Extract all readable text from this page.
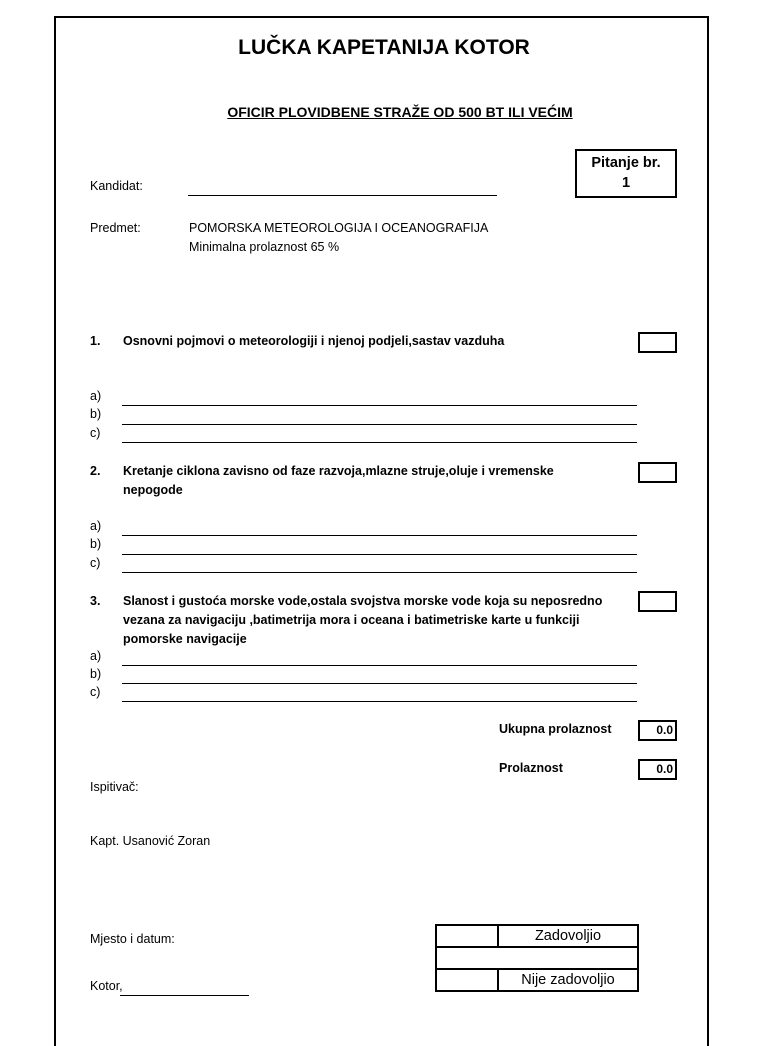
LUČKA KAPETANIJA KOTOR
OFICIR PLOVIDBENE STRAŽE OD 500 BT ILI VEĆIM
Pitanje br.
1
Kandidat:
Predmet:	POMORSKA METEOROLOGIJA I OCEANOGRAFIJA
Minimalna prolaznost 65 %
1. Osnovni pojmovi o meteorologiji i njenoj podjeli,sastav vazduha
a)
b)
c)
2. Kretanje ciklona zavisno od faze razvoja,mlazne struje,oluje i vremenske
nepogode
a)
b)
c)
3. Slanost i gustoća morske vode,ostala svojstva morske vode koja su neposredno
vezana za navigaciju ,batimetrija mora i oceana i batimetriske karte u funkciji
pomorske navigacije
a)
b)
c)
Ukupna prolaznost	0.0
Prolaznost	0.0
Ispitivač:
Kapt. Usanović Zoran
Mjesto i datum:
Kotor,
	Zadovoljio

	Nije zadovoljio
